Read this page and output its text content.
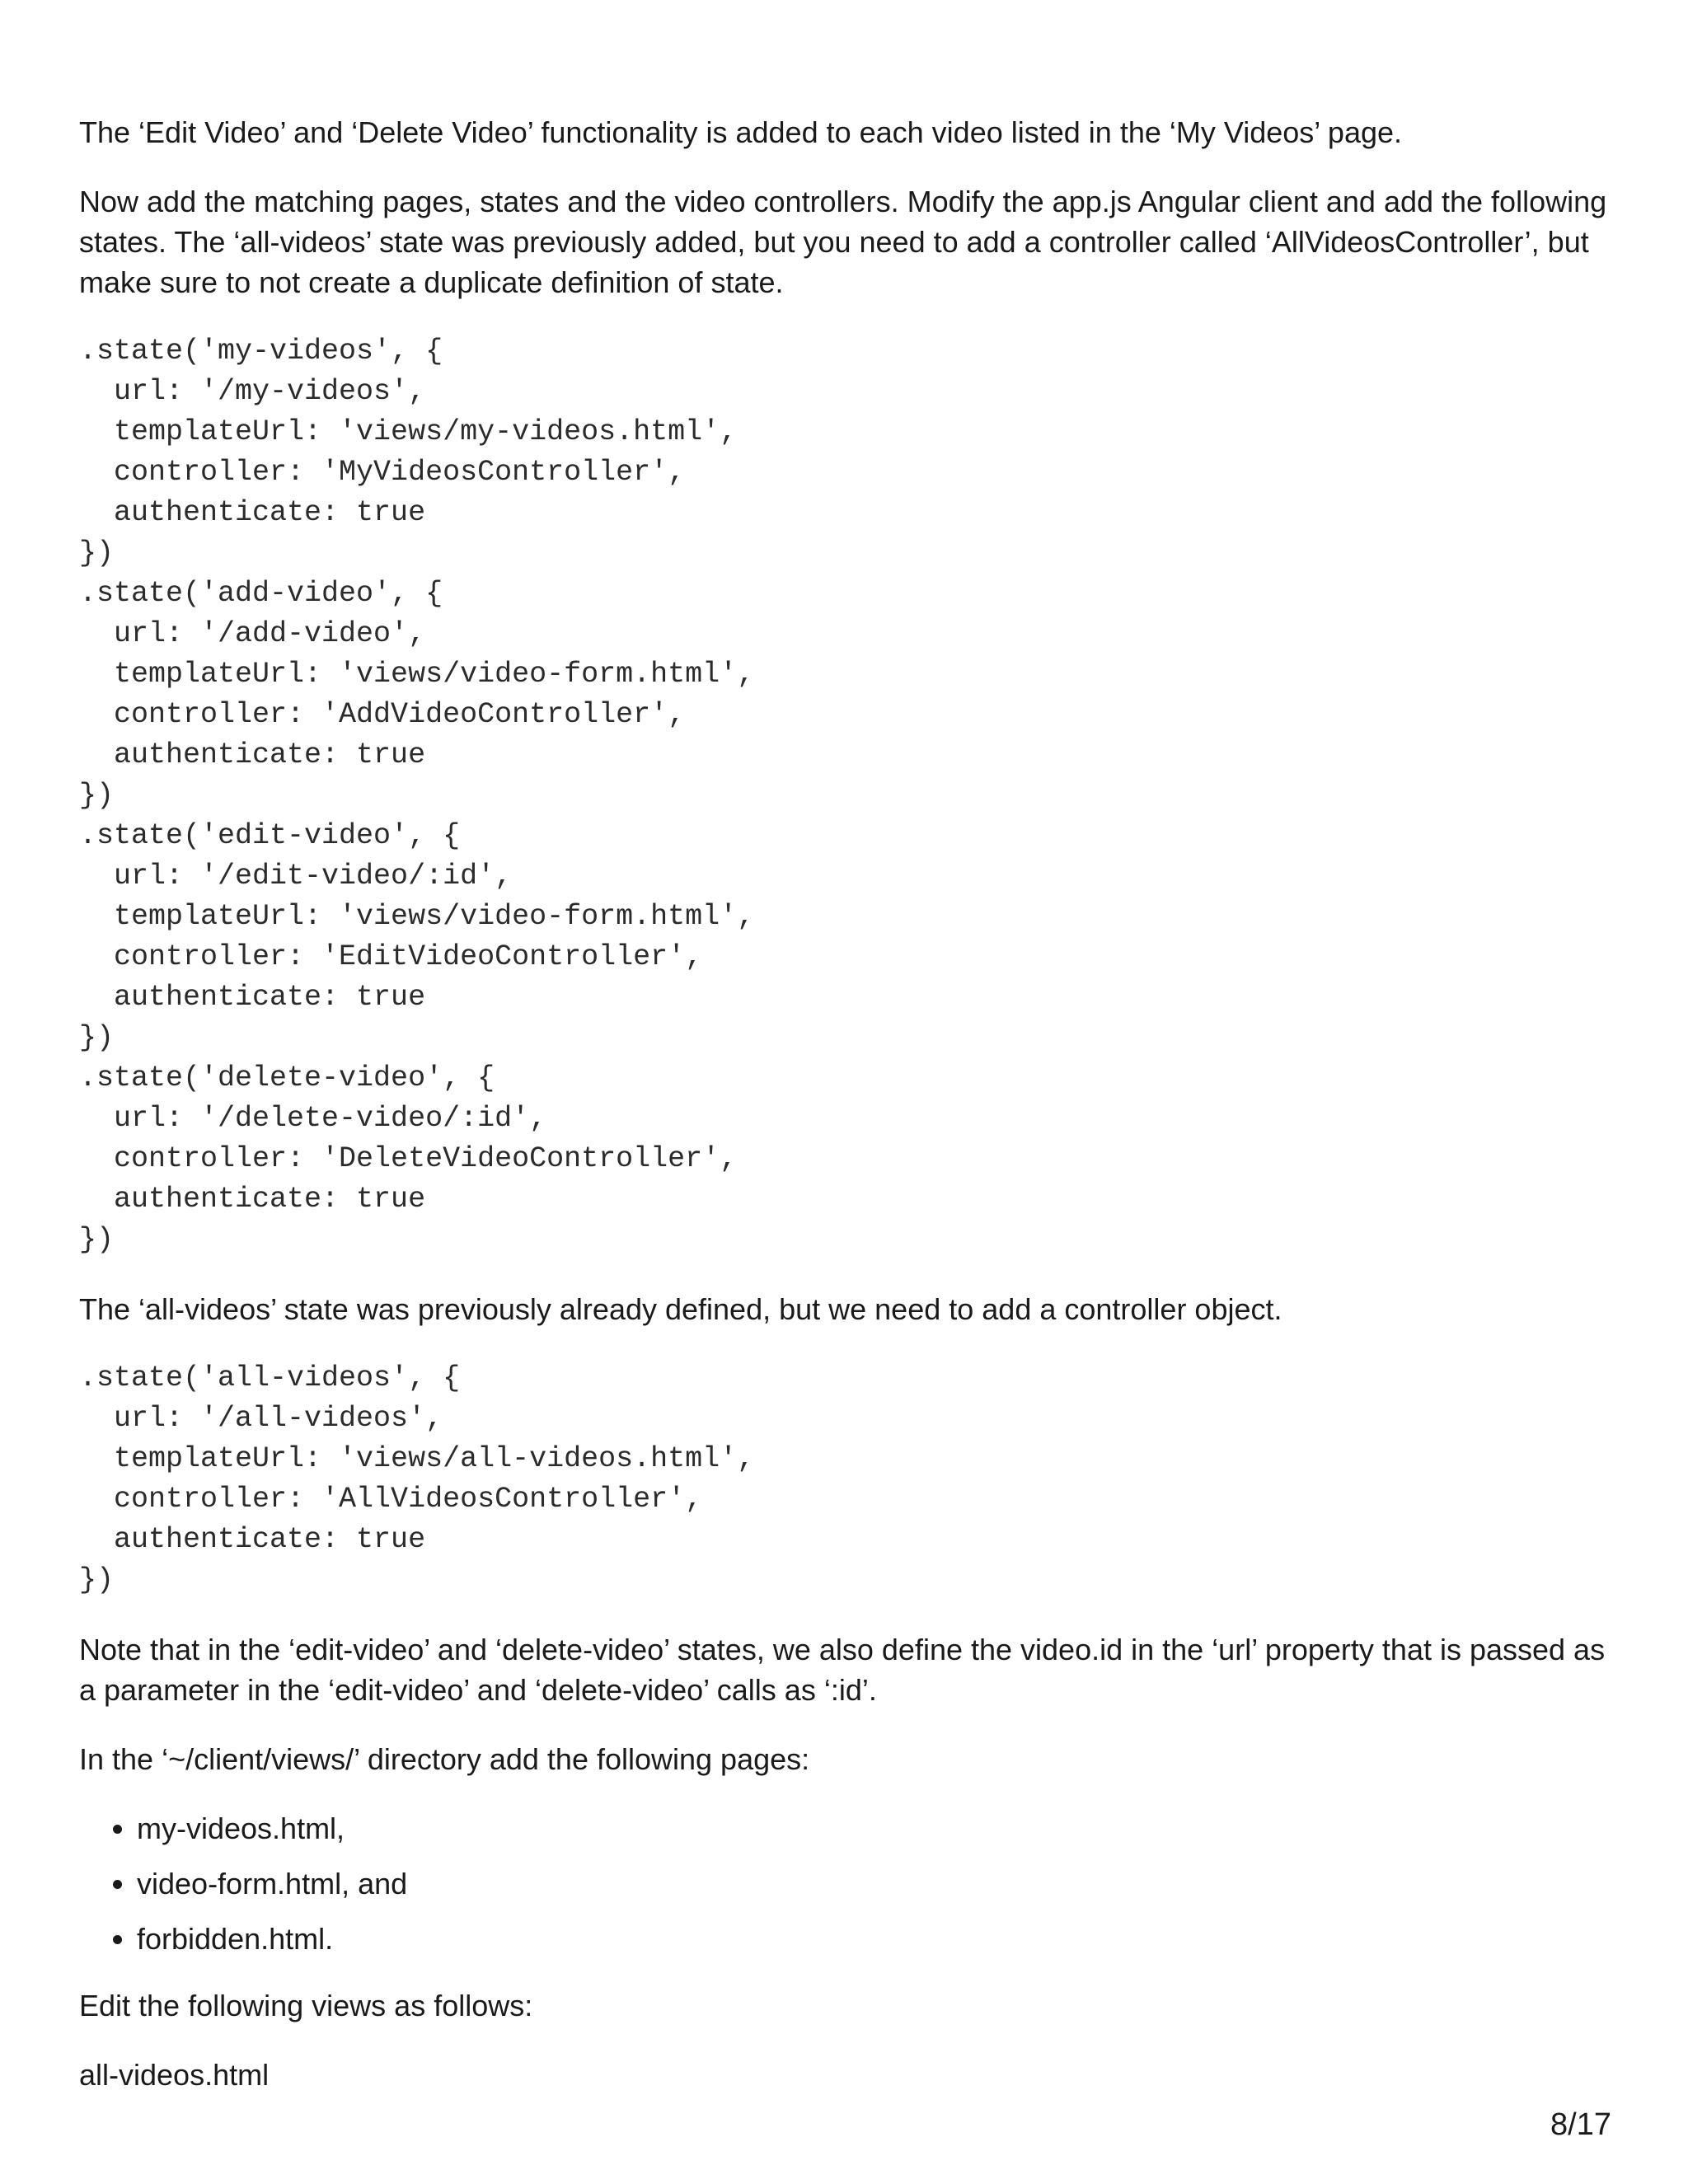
The ‘Edit Video’ and ‘Delete Video’ functionality is added to each video listed in the ‘My Videos’ page.

Now add the matching pages, states and the video controllers. Modify the app.js Angular client and add the following states. The ‘all-videos’ state was previously added, but you need to add a controller called ‘AllVideosController’, but make sure to not create a duplicate definition of state.

.state('my-videos', {
url: '/my-videos',
templateUrl: 'views/my-videos.html',
controller: 'MyVideosController',
authenticate: true
})
.state('add-video', {
url: '/add-video',
templateUrl: 'views/video-form.html',
controller: 'AddVideoController',
authenticate: true
})
.state('edit-video', {
url: '/edit-video/:id',
templateUrl: 'views/video-form.html',
controller: 'EditVideoController',
authenticate: true
})
.state('delete-video', {
url: '/delete-video/:id',
controller: 'DeleteVideoController',
authenticate: true
})

The ‘all-videos’ state was previously already defined, but we need to add a controller object.

.state('all-videos', {
url: '/all-videos',
templateUrl: 'views/all-videos.html',
controller: 'AllVideosController',
authenticate: true
})

Note that in the ‘edit-video’ and ‘delete-video’ states, we also define the video.id in the ‘url’ property that is passed as a parameter in the ‘edit-video’ and ‘delete-video’ calls as ‘:id’.

In the ‘~/client/views/’ directory add the following pages:

• my-videos.html,
• video-form.html, and
• forbidden.html.

Edit the following views as follows:

all-videos.html

8/17
